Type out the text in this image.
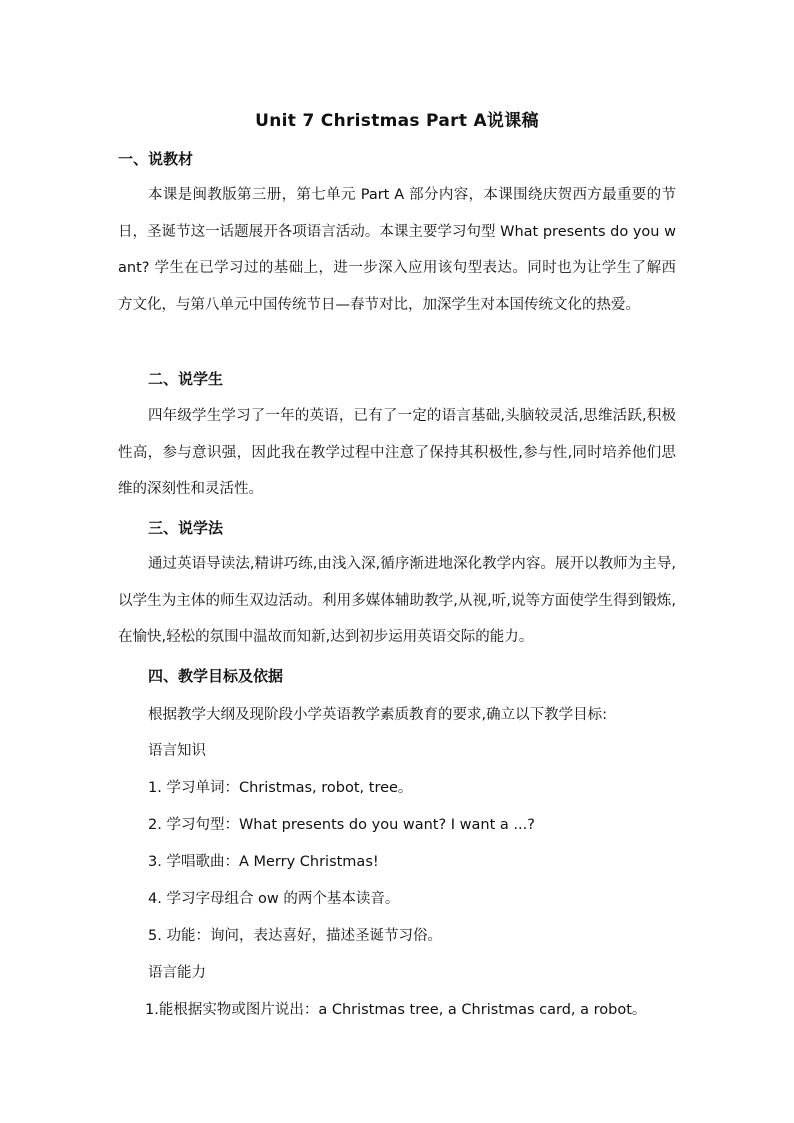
Unit 7 Christmas Part A说课稿
一、说教材
本课是闽教版第三册，第七单元 Part A 部分内容，本课围绕庆贺西方最重要的节日，圣诞节这一话题展开各项语言活动。本课主要学习句型 What presents do you want? 学生在已学习过的基础上，进一步深入应用该句型表达。同时也为让学生了解西方文化，与第八单元中国传统节日—春节对比，加深学生对本国传统文化的热爱。
二、说学生
四年级学生学习了一年的英语，已有了一定的语言基础,头脑较灵活,思维活跃,积极性高，参与意识强，因此我在教学过程中注意了保持其积极性,参与性,同时培养他们思维的深刻性和灵活性。
三、说学法
通过英语导读法,精讲巧练,由浅入深,循序渐进地深化教学内容。展开以教师为主导,以学生为主体的师生双边活动。利用多媒体辅助教学,从视,听,说等方面使学生得到锻炼,在愉快,轻松的氛围中温故而知新,达到初步运用英语交际的能力。
四、教学目标及依据
根据教学大纲及现阶段小学英语教学素质教育的要求,确立以下教学目标:
语言知识
1. 学习单词：Christmas, robot, tree。
2. 学习句型：What presents do you want? I want a ...?
3. 学唱歌曲：A Merry Christmas!
4. 学习字母组合 ow 的两个基本读音。
5. 功能：询问，表达喜好，描述圣诞节习俗。
语言能力
1.能根据实物或图片说出：a Christmas tree, a Christmas card, a robot。
